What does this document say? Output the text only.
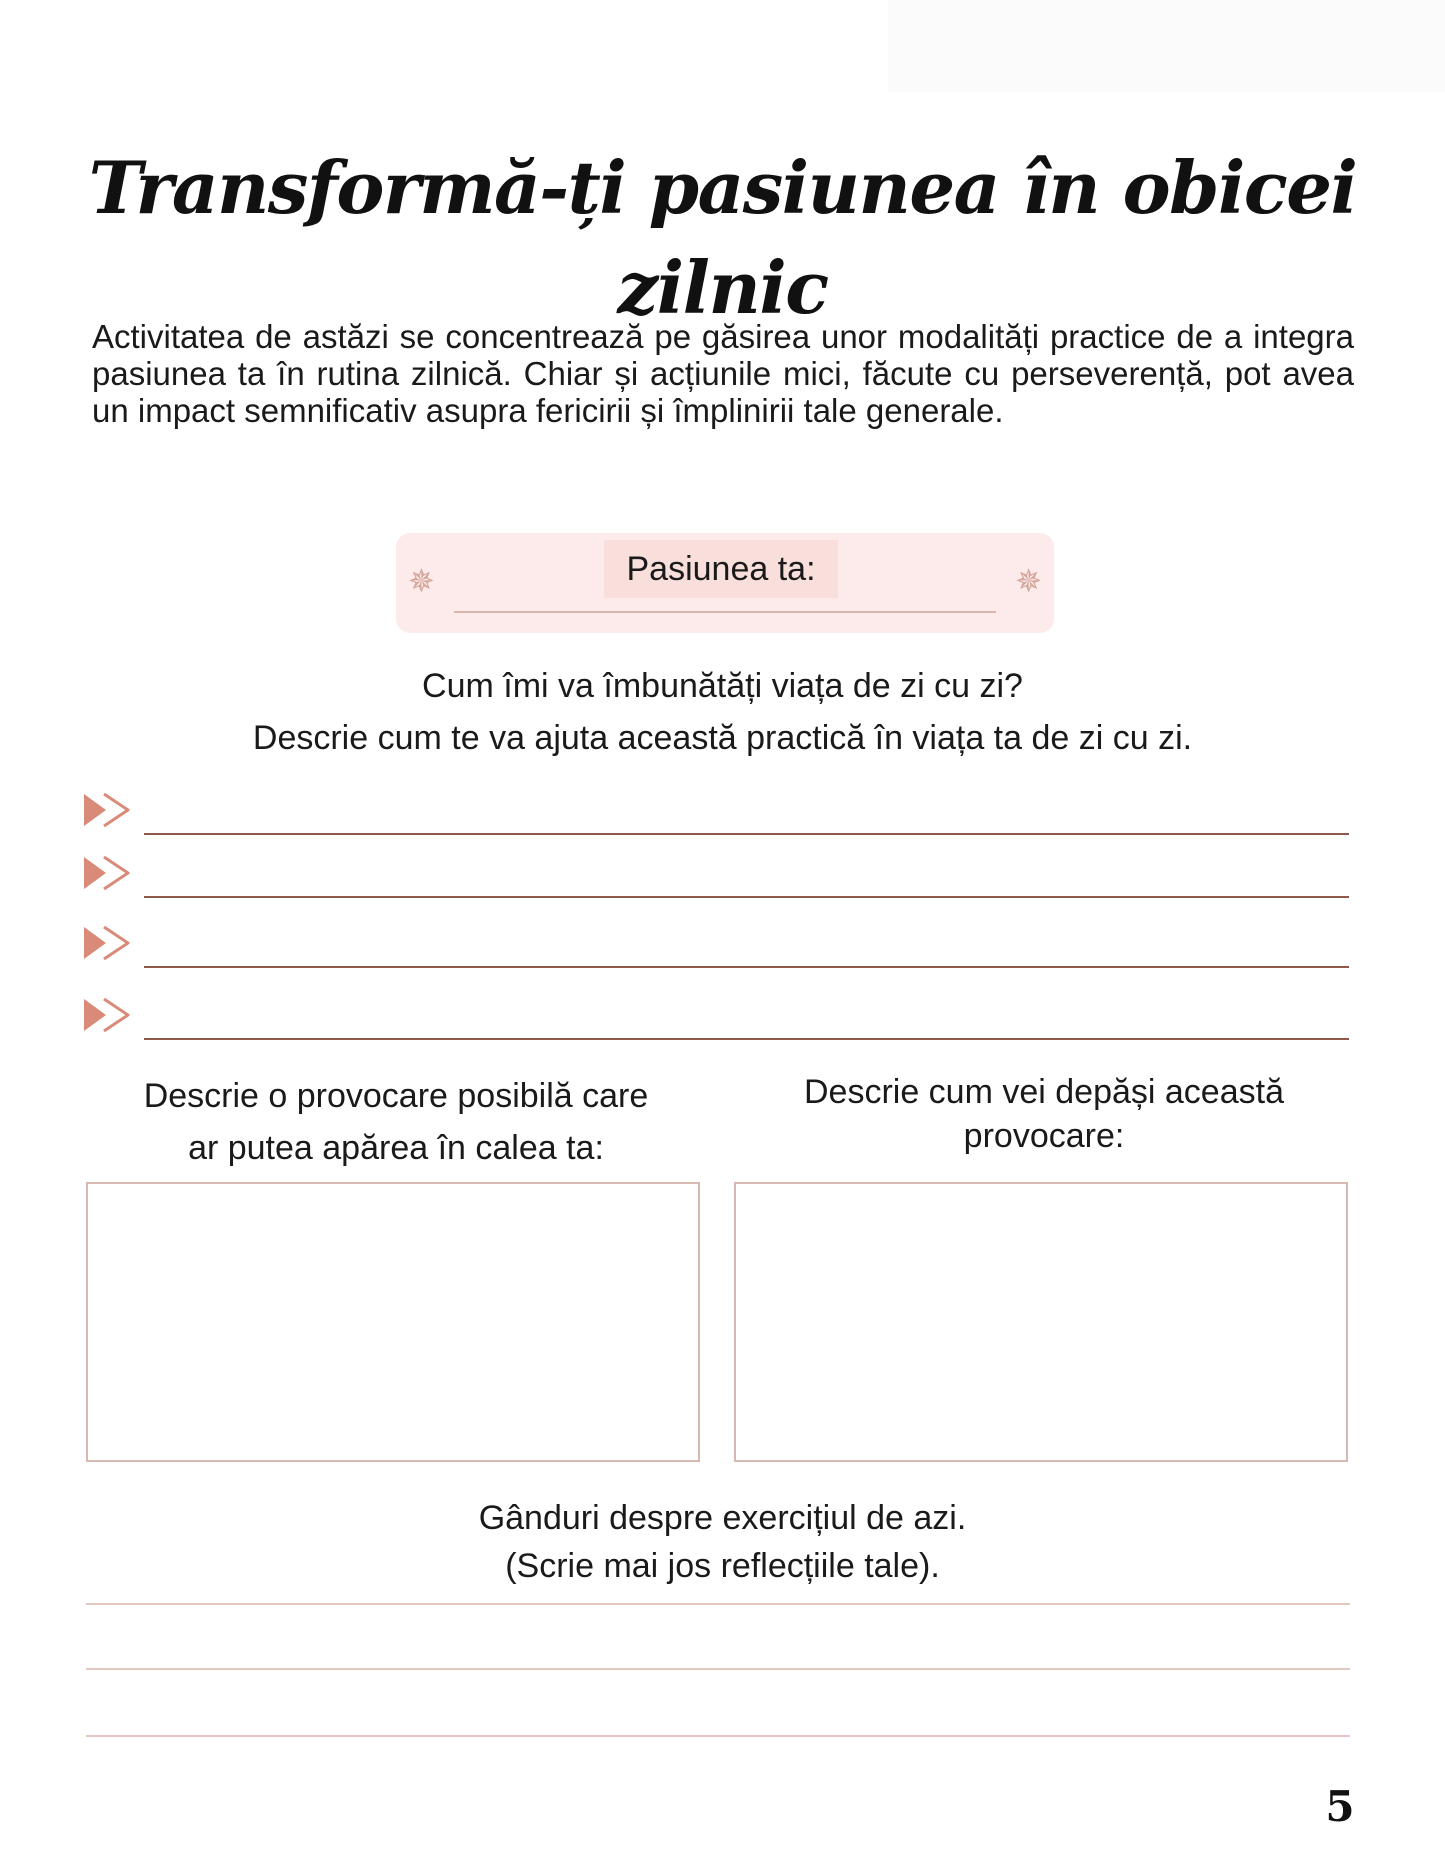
Transformă-ți pasiunea în obicei zilnic

Activitatea de astăzi se concentrează pe găsirea unor modalități practice de a integra pasiunea ta în rutina zilnică. Chiar și acțiunile mici, făcute cu perseverență, pot avea un impact semnificativ asupra fericirii și împlinirii tale generale.

✵	Pasiunea ta:	✵
Cum îmi va îmbunătăți viața de zi cu zi?
Descrie cum te va ajuta această practică în viața ta de zi cu zi.
Descrie o provocare posibilă care
ar putea apărea în calea ta:
Descrie cum vei depăși această
provocare:
Gânduri despre exercițiul de azi.
(Scrie mai jos reflecțiile tale).
5
